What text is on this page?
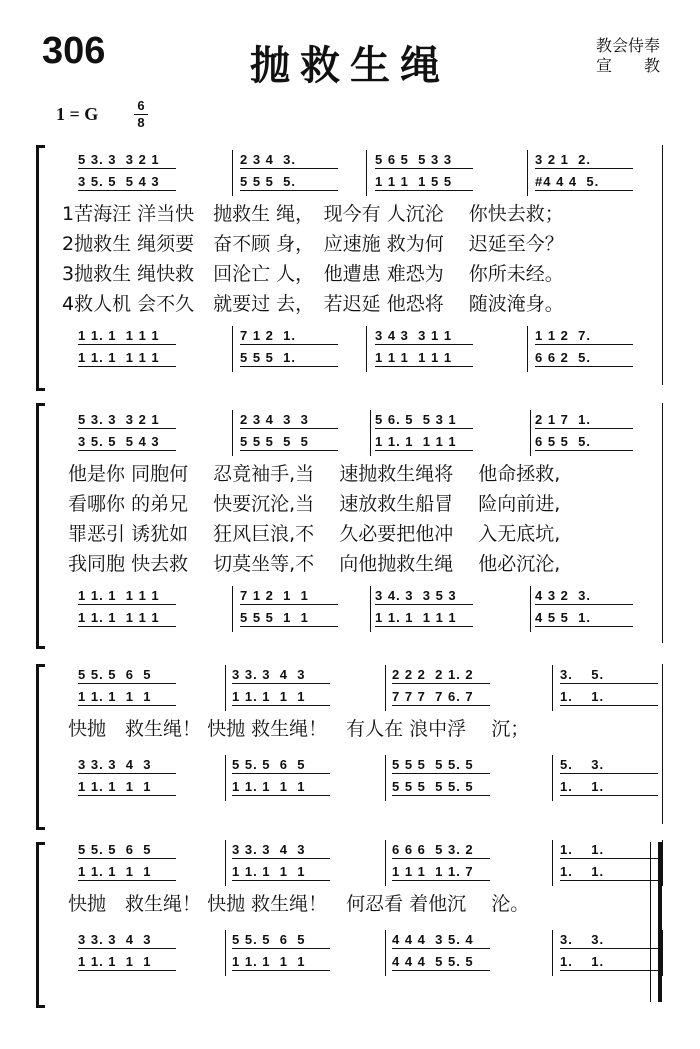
306	抛救生绳	教会侍奉
宣　　教
1 = G	6
8
5 3. 3  3 2 1	2 3 4  3.	5 6 5  5 3 3	3 2 1  2.
3 5. 5  5 4 3	5 5 5  5.	1 1 1  1 5 5	#4 4 4  5.
1苦海汪 洋当快　抛救生 绳，　现今有 人沉沦　 你快去救；
2抛救生 绳须要　奋不顾 身，　应速施 救为何　 迟延至今？
3抛救生 绳快救　回沦亡 人，　他遭患 难恐为　 你所未经。
4救人机 会不久　就要过 去，　若迟延 他恐将　 随波淹身。
1 1. 1  1 1 1	7 1 2  1.	3 4 3  3 1 1	1 1 2  7.
1 1. 1  1 1 1	5 5 5  1.	1 1 1  1 1 1	6 6 2  5.
5 3. 3  3 2 1	2 3 4  3  3	5 6. 5  5 3 1	2 1 7  1.
3 5. 5  5 4 3	5 5 5  5  5	1 1. 1  1 1 1	6 5 5  5.
他是你 同胞何　 忍竟袖手,当　 速抛救生绳将　 他命拯救,
看哪你 的弟兄　 快要沉沦,当　 速放救生船冒　 险向前进,
罪恶引 诱犹如　 狂风巨浪,不　 久必要把他冲　 入无底坑,
我同胞 快去救　 切莫坐等,不　 向他抛救生绳　 他必沉沦,
1 1. 1  1 1 1	7 1 2  1  1	3 4. 3  3 5 3	4 3 2  3.
1 1. 1  1 1 1	5 5 5  1  1	1 1. 1  1 1 1	4 5 5  1.
5 5. 5  6  5	3 3. 3  4  3	2 2 2  2 1. 2	3.    5.
1 1. 1  1  1	1 1. 1  1  1	7 7 7  7 6. 7	1.    1.
快抛　救生绳！ 快抛 救生绳！　有人在 浪中浮　 沉；
3 3. 3  4  3	5 5. 5  6  5	5 5 5  5 5. 5	5.    3.
1 1. 1  1  1	1 1. 1  1  1	5 5 5  5 5. 5	1.    1.
5 5. 5  6  5	3 3. 3  4  3	6 6 6  5 3. 2	1.    1.
1 1. 1  1  1	1 1. 1  1  1	1 1 1  1 1. 7	1.    1.
快抛　救生绳！ 快抛 救生绳！　何忍看 着他沉　 沦。
3 3. 3  4  3	5 5. 5  6  5	4 4 4  3 5. 4	3.    3.
1 1. 1  1  1	1 1. 1  1  1	4 4 4  5 5. 5	1.    1.
